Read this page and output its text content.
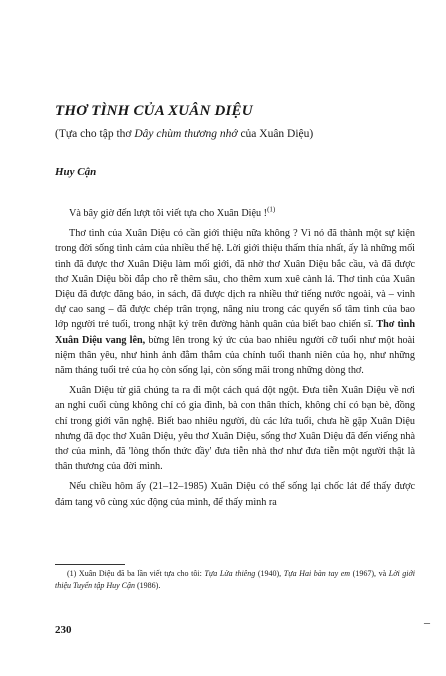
THƠ TÌNH CỦA XUÂN DIỆU

(Tựa cho tập thơ Dây chùm thương nhớ của Xuân Diệu)

Huy Cận

Và bây giờ đến lượt tôi viết tựa cho Xuân Diệu !$^{(1)}$

Thơ tình của Xuân Diệu có cần giới thiệu nữa không ? Vì nó đã thành một sự kiện trong đời sống tình cảm của nhiều thế hệ. Lời giới thiệu thấm thía nhất, ấy là những mối tình đã được thơ Xuân Diệu làm mối giới, đã nhờ thơ Xuân Diệu bắc cầu, và đã được thơ Xuân Diệu bồi đắp cho rễ thêm sâu, cho thêm xum xuê cành lá. Thơ tình của Xuân Diệu đã được đăng báo, in sách, đã được dịch ra nhiều thứ tiếng nước ngoài, và – vinh dự cao sang – đã được chép trân trọng, nâng niu trong các quyển sổ tâm tình của bao lớp người trẻ tuổi, trong nhật ký trên đường hành quân của biết bao chiến sĩ. Thơ tình Xuân Diệu vang lên, bừng lên trong ký ức của bao nhiêu người cỡ tuổi như một hoài niệm thân yêu, như hình ảnh đằm thắm của chính tuổi thanh niên của họ, như những năm tháng tuổi trẻ của họ còn sống lại, còn sống mãi trong những dòng thơ.

Xuân Diệu từ giã chúng ta ra đi một cách quá đột ngột. Đưa tiễn Xuân Diệu về nơi an nghỉ cuối cùng không chỉ có gia đình, bà con thân thích, không chỉ có bạn bè, đồng chí trong giới văn nghệ. Biết bao nhiêu người, dù các lứa tuổi, chưa hề gặp Xuân Diệu nhưng đã đọc thơ Xuân Diệu, yêu thơ Xuân Diệu, sống thơ Xuân Diệu đã đến viếng nhà thơ của mình, đã 'lòng thổn thức đầy' đưa tiễn nhà thơ như đưa tiễn một người thật là thân thương của đời mình.

Nếu chiều hôm ấy (21–12–1985) Xuân Diệu có thể sống lại chốc lát để thấy được đám tang vô cùng xúc động của mình, để thấy mình ra

(1) Xuân Diệu đã ba lần viết tựa cho tôi: Tựa Lửa thiêng (1940), Tựa Hai bàn tay em (1967), và Lời giới thiệu Tuyển tập Huy Cận (1986).

230

–
